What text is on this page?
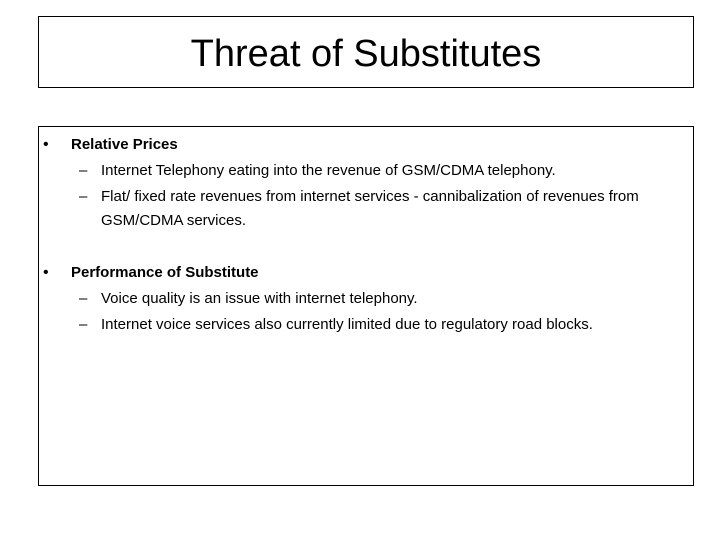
Threat of Substitutes
• Relative Prices
– Internet Telephony eating into the revenue of GSM/CDMA telephony.
– Flat/ fixed rate revenues from internet services - cannibalization of revenues from GSM/CDMA services.
• Performance of Substitute
– Voice quality is an issue with internet telephony.
– Internet voice services also currently limited due to regulatory road blocks.
